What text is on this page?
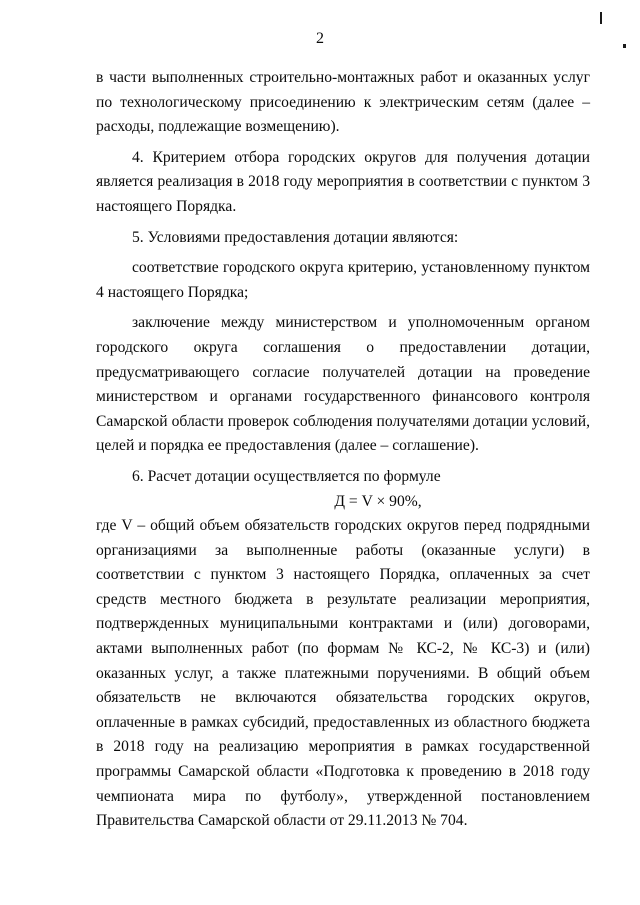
2

в части выполненных строительно-монтажных работ и оказанных услуг по технологическому присоединению к электрическим сетям (далее – расходы, подлежащие возмещению).

4. Критерием отбора городских округов для получения дотации является реализация в 2018 году мероприятия в соответствии с пунктом 3 настоящего Порядка.

5. Условиями предоставления дотации являются:

соответствие городского округа критерию, установленному пунктом 4 настоящего Порядка;

заключение между министерством и уполномоченным органом городского округа соглашения о предоставлении дотации, предусматривающего согласие получателей дотации на проведение министерством и органами государственного финансового контроля Самарской области проверок соблюдения получателями дотации условий, целей и порядка ее предоставления (далее – соглашение).

6. Расчет дотации осуществляется по формуле

Д = V × 90%,

где V – общий объем обязательств городских округов перед подрядными организациями за выполненные работы (оказанные услуги) в соответствии с пунктом 3 настоящего Порядка, оплаченных за счет средств местного бюджета в результате реализации мероприятия, подтвержденных муниципальными контрактами и (или) договорами, актами выполненных работ (по формам № КС-2, № КС-3) и (или) оказанных услуг, а также платежными поручениями. В общий объем обязательств не включаются обязательства городских округов, оплаченные в рамках субсидий, предоставленных из областного бюджета в 2018 году на реализацию мероприятия в рамках государственной программы Самарской области «Подготовка к проведению в 2018 году чемпионата мира по футболу», утвержденной постановлением Правительства Самарской области от 29.11.2013 № 704.
